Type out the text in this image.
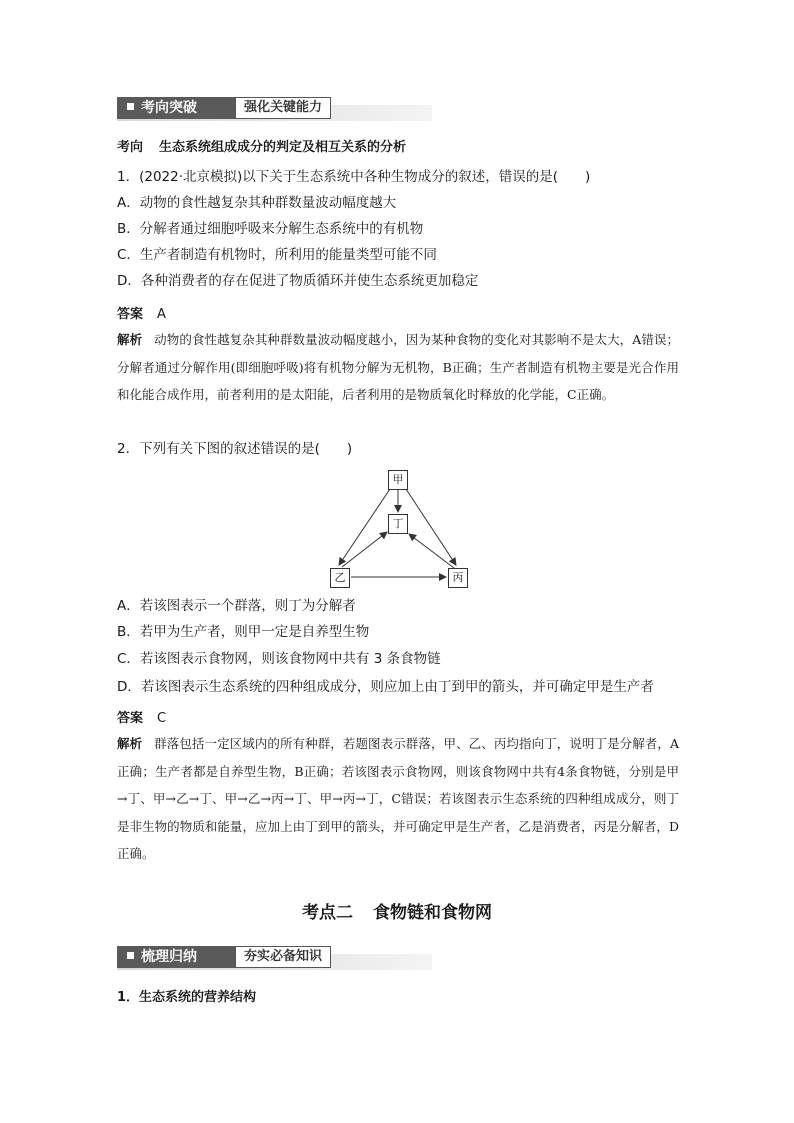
考向突破	强化关键能力
考向 生态系统组成成分的判定及相互关系的分析
1．(2022·北京模拟)以下关于生态系统中各种生物成分的叙述，错误的是(　　)
A．动物的食性越复杂其种群数量波动幅度越大
B．分解者通过细胞呼吸来分解生态系统中的有机物
C．生产者制造有机物时，所利用的能量类型可能不同
D．各种消费者的存在促进了物质循环并使生态系统更加稳定
答案 A
解析 动物的食性越复杂其种群数量波动幅度越小，因为某种食物的变化对其影响不是太大，A错误；分解者通过分解作用(即细胞呼吸)将有机物分解为无机物，B正确；生产者制造有机物主要是光合作用和化能合成作用，前者利用的是太阳能，后者利用的是物质氧化时释放的化学能，C正确。
2．下列有关下图的叙述错误的是(　　)
甲
丁
乙	丙
A．若该图表示一个群落，则丁为分解者
B．若甲为生产者，则甲一定是自养型生物
C．若该图表示食物网，则该食物网中共有 3 条食物链
D．若该图表示生态系统的四种组成成分，则应加上由丁到甲的箭头，并可确定甲是生产者
答案 C
解析 群落包括一定区域内的所有种群，若题图表示群落，甲、乙、丙均指向丁，说明丁是分解者，A正确；生产者都是自养型生物，B正确；若该图表示食物网，则该食物网中共有4条食物链，分别是甲→丁、甲→乙→丁、甲→乙→丙→丁、甲→丙→丁，C错误；若该图表示生态系统的四种组成成分，则丁是非生物的物质和能量，应加上由丁到甲的箭头，并可确定甲是生产者，乙是消费者，丙是分解者，D正确。
考点二 食物链和食物网
梳理归纳	夯实必备知识
1．生态系统的营养结构
